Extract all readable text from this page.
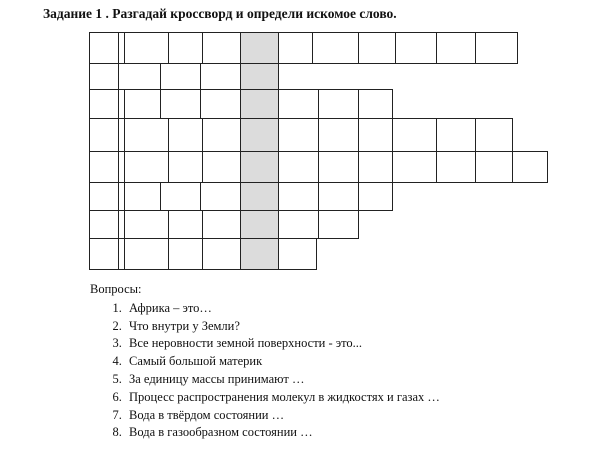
Задание 1 . Разгадай кроссворд и определи искомое слово.
Вопросы:
1. Африка – это…
2. Что внутри у Земли?
3. Все неровности земной поверхности - это...
4. Самый большой материк
5. За единицу массы принимают …
6. Процесс распространения молекул в жидкостях и газах …
7. Вода в твёрдом состоянии …
8. Вода в газообразном состоянии …
